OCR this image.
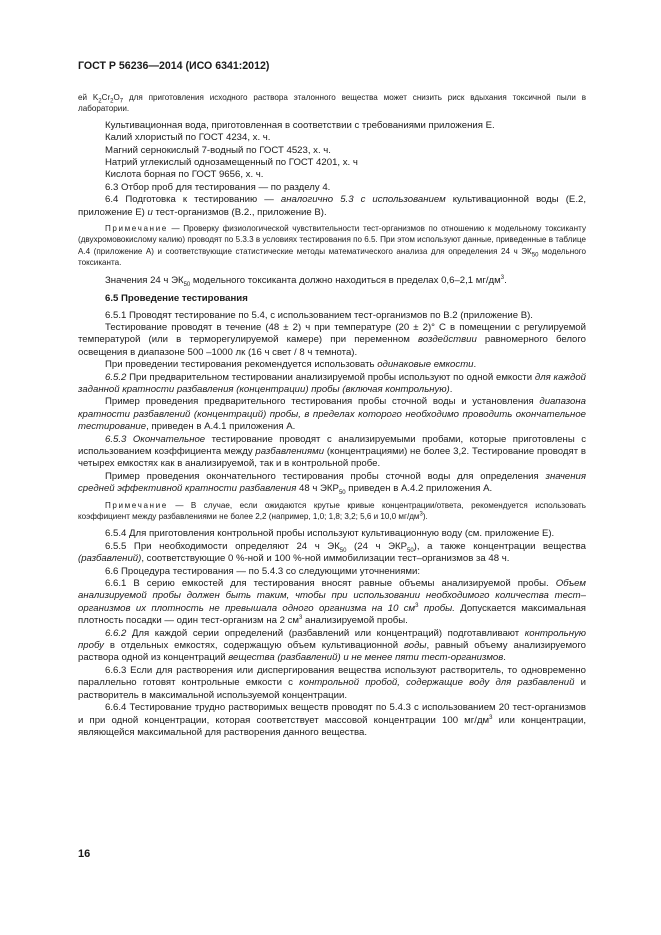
ГОСТ Р 56236—2014 (ИСО 6341:2012)

ей $K_2Cr_2O_7$ для приготовления исходного раствора эталонного вещества может снизить риск вдыхания токсичной пыли в лаборатории.

Культивационная вода, приготовленная в соответствии с требованиями приложения Е.

Калий хлористый по ГОСТ 4234, х. ч.

Магний сернокислый 7-водный по ГОСТ 4523, х. ч.

Натрий углекислый однозамещенный по ГОСТ 4201, х. ч

Кислота борная по ГОСТ 9656, х. ч.

6.3 Отбор проб для тестирования — по разделу 4.

6.4 Подготовка к тестированию — аналогично 5.3 с использованием культивационной воды (Е.2, приложение Е) и тест-организмов (В.2., приложение В).

Примечание — Проверку физиологической чувствительности тест-организмов по отношению к модельному токсиканту (двухромовокислому калию) проводят по 5.3.3 в условиях тестирования по 6.5. При этом используют данные, приведенные в таблице А.4 (приложение А) и соответствующие статистические методы математического анализа для определения 24 ч $ЭК_{50}$ модельного токсиканта.

Значения 24 ч $ЭК_{50}$ модельного токсиканта должно находиться в пределах 0,6–2,1 $мг/дм^3$.

6.5 Проведение тестирования

6.5.1 Проводят тестирование по 5.4, с использованием тест-организмов по В.2 (приложение В).

Тестирование проводят в течение (48 ± 2) ч при температуре (20 ± 2)° С в помещении с регулируемой температурой (или в терморегулируемой камере) при переменном воздействии равномерного белого освещения в диапазоне 500 –1000 лк (16 ч свет / 8 ч темнота).

При проведении тестирования рекомендуется использовать одинаковые емкости.

6.5.2 При предварительном тестировании анализируемой пробы используют по одной емкости для каждой заданной кратности разбавления (концентрации) пробы (включая контрольную).

Пример проведения предварительного тестирования пробы сточной воды и установления диапазона кратности разбавлений (концентраций) пробы, в пределах которого необходимо проводить окончательное тестирование, приведен в А.4.1 приложения А.

6.5.3 Окончательное тестирование проводят с анализируемыми пробами, которые приготовлены с использованием коэффициента между разбавлениями (концентрациями) не более 3,2. Тестирование проводят в четырех емкостях как в анализируемой, так и в контрольной пробе.

Пример проведения окончательного тестирования пробы сточной воды для определения значения средней эффективной кратности разбавления 48 ч $ЭКР_{50}$ приведен в А.4.2 приложения А.

Примечание — В случае, если ожидаются крутые кривые концентрации/ответа, рекомендуется использовать коэффициент между разбавлениями не более 2,2 (например, 1,0; 1,8; 3,2; 5,6 и 10,0 $мг/дм^3$).

6.5.4 Для приготовления контрольной пробы используют культивационную воду (см. приложение Е).

6.5.5 При необходимости определяют 24 ч $ЭК_{50}$ (24 ч $ЭКР_{50}$), а также концентрации вещества (разбавлений), соответствующие 0 %-ной и 100 %-ной иммобилизации тест–организмов за 48 ч.

6.6 Процедура тестирования — по 5.4.3 со следующими уточнениями:

6.6.1 В серию емкостей для тестирования вносят равные объемы анализируемой пробы. Объем анализируемой пробы должен быть таким, чтобы при использовании необходимого количества тест–организмов их плотность не превышала одного организма на 10 $см^3$ пробы. Допускается максимальная плотность посадки — один тест-организм на 2 $см^3$ анализируемой пробы.

6.6.2 Для каждой серии определений (разбавлений или концентраций) подготавливают контрольную пробу в отдельных емкостях, содержащую объем культивационной воды, равный объему анализируемого раствора одной из концентраций вещества (разбавлений) и не менее пяти тест-организмов.

6.6.3 Если для растворения или диспергирования вещества используют растворитель, то одновременно параллельно готовят контрольные емкости с контрольной пробой, содержащие воду для разбавлений и растворитель в максимальной используемой концентрации.

6.6.4 Тестирование трудно растворимых веществ проводят по 5.4.3 с использованием 20 тест-организмов и при одной концентрации, которая соответствует массовой концентрации 100 $мг/дм^3$ или концентрации, являющейся максимальной для растворения данного вещества.

16
